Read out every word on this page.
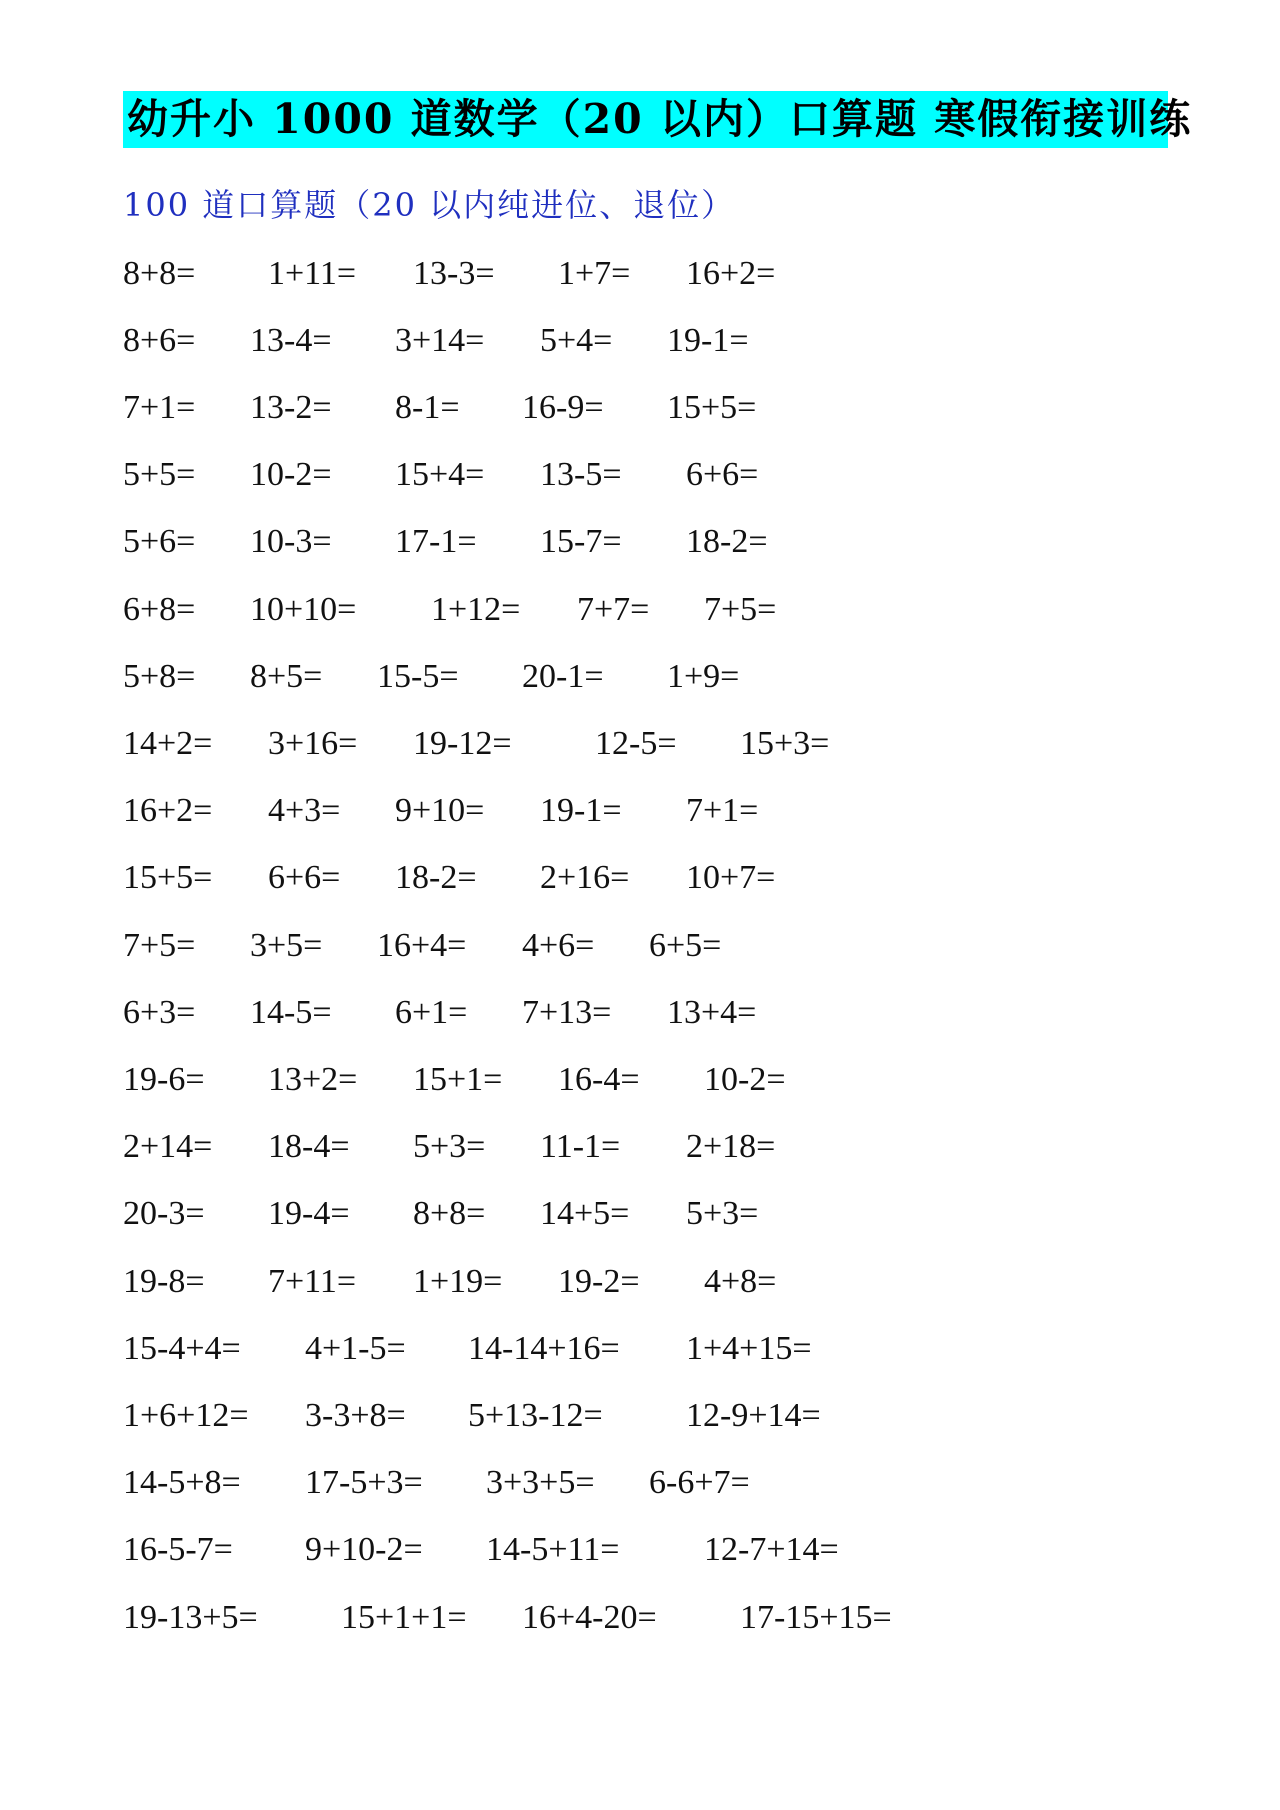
幼升小 1000 道数学（20 以内）口算题 寒假衔接训练
100 道口算题（20 以内纯进位、退位）
8+8= 1+11= 13-3= 1+7= 16+2=
8+6= 13-4= 3+14= 5+4= 19-1=
7+1= 13-2= 8-1= 16-9= 15+5=
5+5= 10-2= 15+4= 13-5= 6+6=
5+6= 10-3= 17-1= 15-7= 18-2=
6+8= 10+10= 1+12= 7+7= 7+5=
5+8= 8+5= 15-5= 20-1= 1+9=
14+2= 3+16= 19-12= 12-5= 15+3=
16+2= 4+3= 9+10= 19-1= 7+1=
15+5= 6+6= 18-2= 2+16= 10+7=
7+5= 3+5= 16+4= 4+6= 6+5=
6+3= 14-5= 6+1= 7+13= 13+4=
19-6= 13+2= 15+1= 16-4= 10-2=
2+14= 18-4= 5+3= 11-1= 2+18=
20-3= 19-4= 8+8= 14+5= 5+3=
19-8= 7+11= 1+19= 19-2= 4+8=
15-4+4= 4+1-5= 14-14+16= 1+4+15=
1+6+12= 3-3+8= 5+13-12= 12-9+14=
14-5+8= 17-5+3= 3+3+5= 6-6+7=
16-5-7= 9+10-2= 14-5+11= 12-7+14=
19-13+5= 15+1+1= 16+4-20= 17-15+15=
